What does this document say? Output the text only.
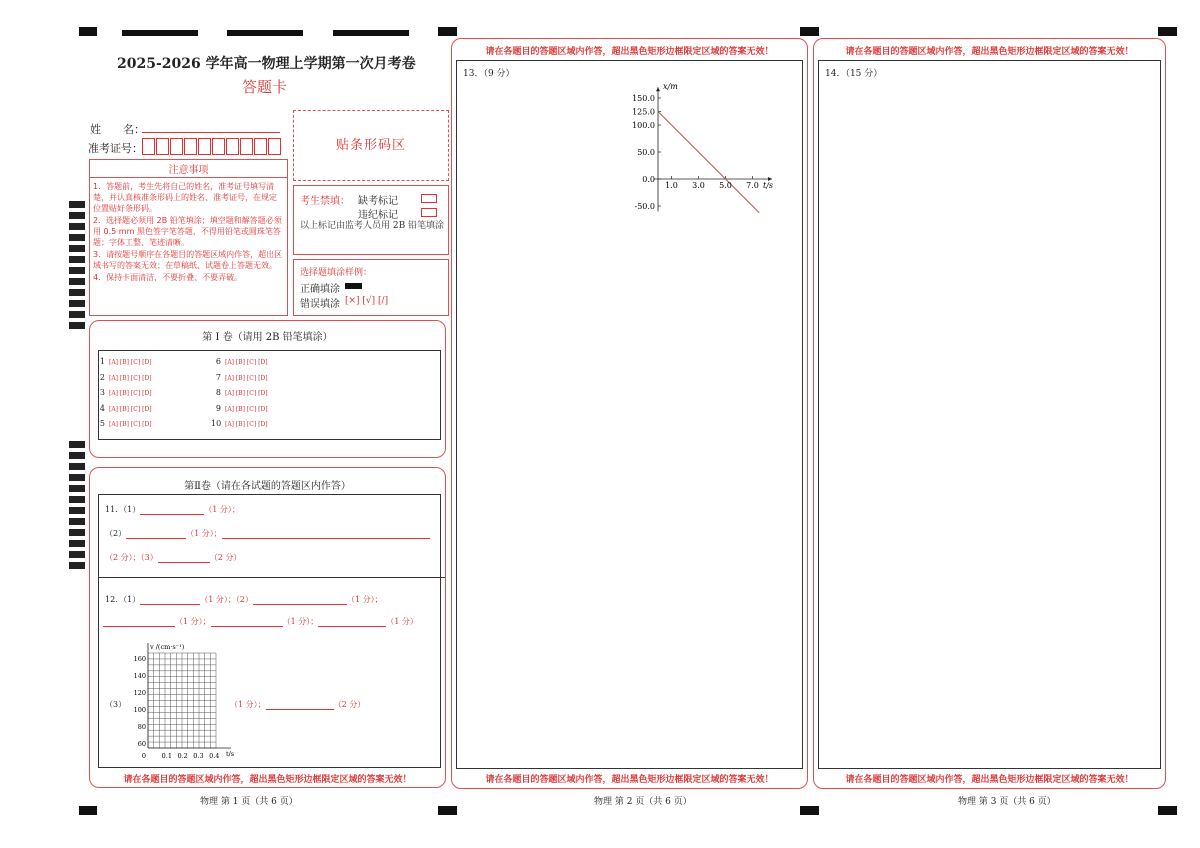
2025-2026 学年高一物理上学期第一次月考卷
答题卡
姓　　名：
准考证号：	贴条形码区
注意事项
1．答题前，考生先将自己的姓名，准考证号填写清楚，并认真核准条形码上的姓名、准考证号，在规定位置贴好条形码。
2．选择题必须用 2B 铅笔填涂；填空题和解答题必须用 0.5 mm 黑色签字笔答题，不得用铅笔或圆珠笔答题；字体工整、笔迹清晰。
3．请按题号顺序在各题目的答题区域内作答，超出区域书写的答案无效；在草稿纸、试题卷上答题无效。
4．保持卡面清洁，不要折叠、不要弄破。
考生禁填： 缺考标记
违纪标记
以上标记由监考人员用 2B 铅笔填涂
选择题填涂样例：
正确填涂
错误填涂 [×] [√] [/]
第 I 卷（请用 2B 铅笔填涂）
1 [A] [B] [C] [D]
2 [A] [B] [C] [D]
3 [A] [B] [C] [D]
4 [A] [B] [C] [D]
5 [A] [B] [C] [D]
6 [A] [B] [C] [D]
7 [A] [B] [C] [D]
8 [A] [B] [C] [D]
9 [A] [B] [C] [D]
10 [A] [B] [C] [D]
第Ⅱ卷（请在各试题的答题区内作答）
11．（1）	（1 分）；
（2）	（1 分）；
（2 分）；（3）	（2 分）
12．（1）	（1 分）；（2）	（1 分）；
（1 分）；	（1 分）；	（1 分）
（3）	（1 分）；	（2 分）
v /(cm·s⁻¹)
t/s
160
140
120
100
80
60
0 0.1 0.2 0.3 0.4
请在各题目的答题区域内作答，超出黑色矩形边框限定区域的答案无效！
请在各题目的答题区域内作答，超出黑色矩形边框限定区域的答案无效！
13．（9 分）
150.0
125.0
100.0
50.0
0.0
-50.0
1.0 3.0 5.0 7.0
x/m
t/s
请在各题目的答题区域内作答，超出黑色矩形边框限定区域的答案无效！
请在各题目的答题区域内作答，超出黑色矩形边框限定区域的答案无效！
14．（15 分）
请在各题目的答题区域内作答，超出黑色矩形边框限定区域的答案无效！
物理 第 1 页（共 6 页）	物理 第 2 页（共 6 页）	物理 第 3 页（共 6 页）
